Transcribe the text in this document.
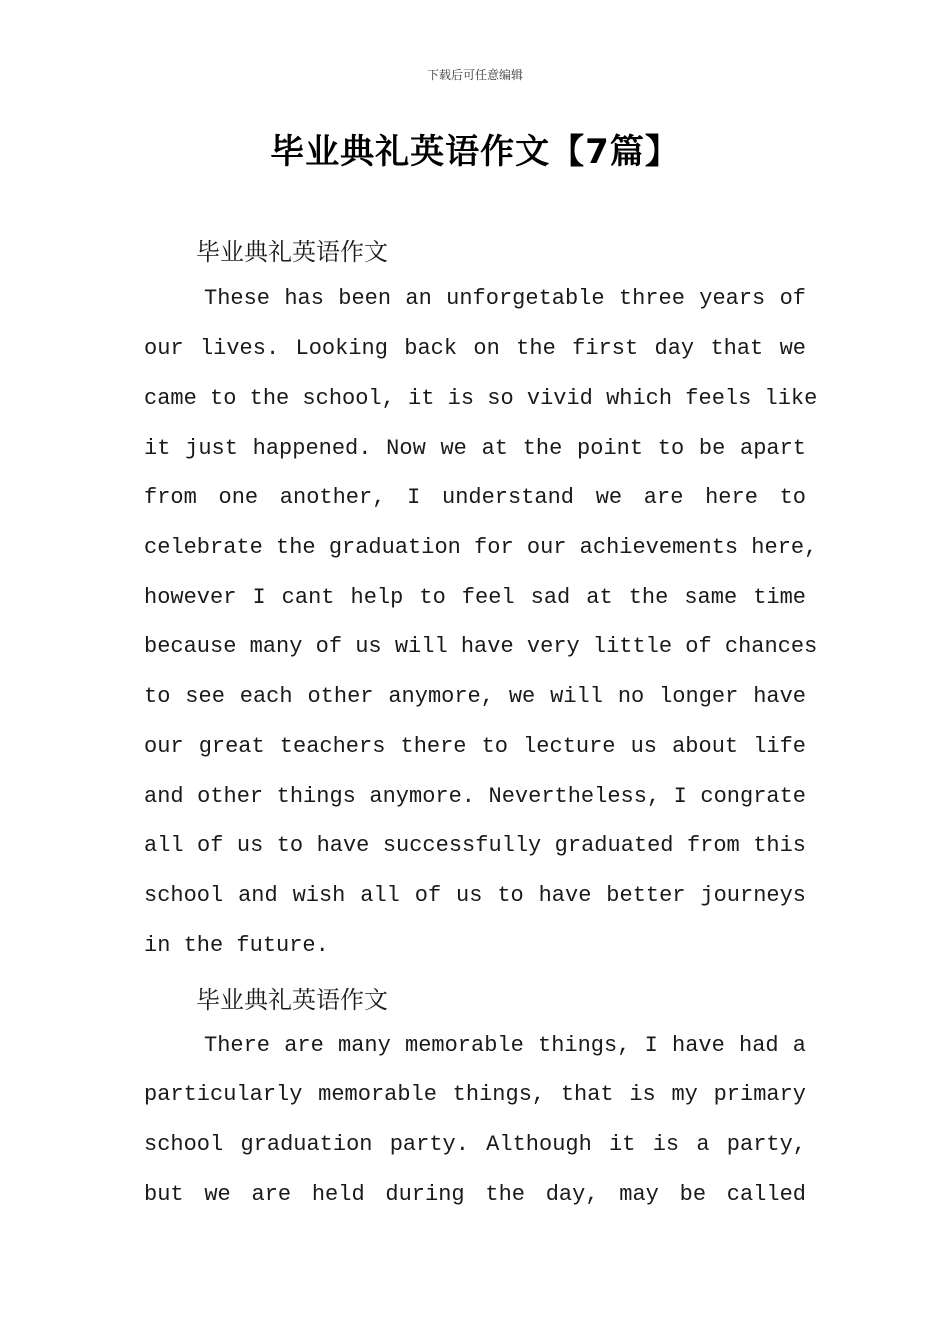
下载后可任意编辑
毕业典礼英语作文【7篇】
毕业典礼英语作文
These has been an unforgetable three years of
our lives. Looking back on the first day that we
came to the school, it is so vivid which feels like
it just happened. Now we at the point to be apart
from one another, I understand we are here to
celebrate the graduation for our achievements here,
however I cant help to feel sad at the same time
because many of us will have very little of chances
to see each other anymore, we will no longer have
our great teachers there to lecture us about life
and other things anymore. Nevertheless, I congrate
all of us to have successfully graduated from this
school and wish all of us to have better journeys
in the future.
毕业典礼英语作文
There are many memorable things, I have had a
particularly memorable things, that is my primary
school graduation party. Although it is a party,
but we are held during the day, may be called
